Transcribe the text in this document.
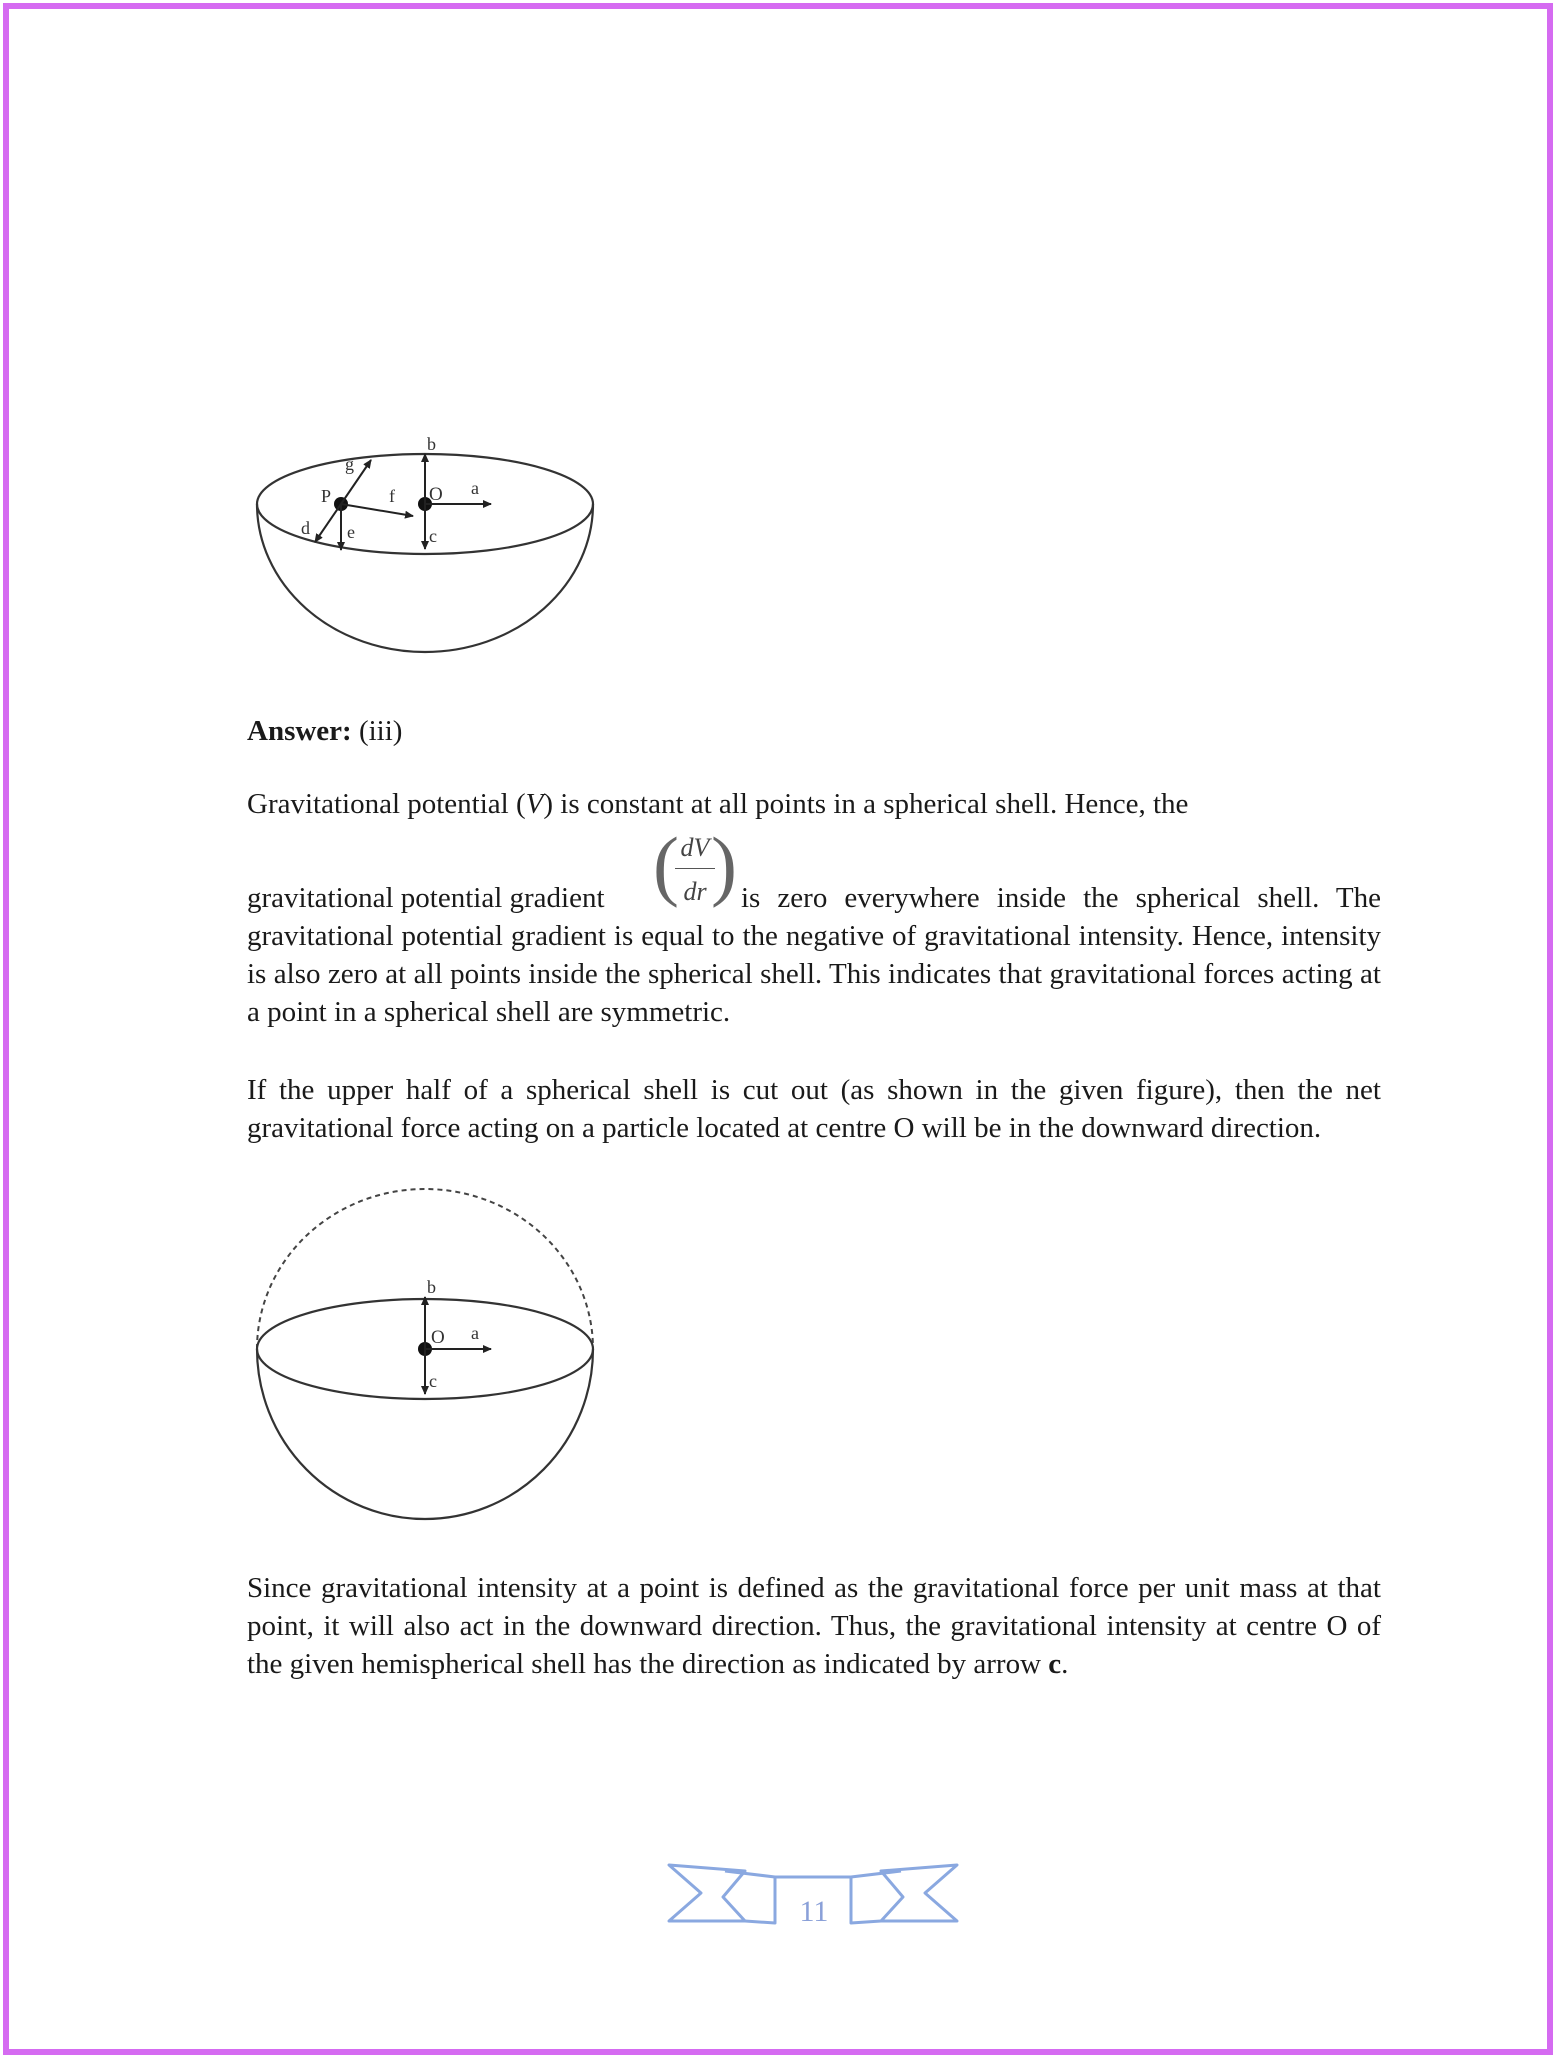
b
O a
c
P
g
f
d e
Answer: (iii)
Gravitational potential (V) is constant at all points in a spherical shell. Hence, the
gravitational potential gradient ( dV
dr ) is zero everywhere inside the spherical shell. The
gravitational potential gradient is equal to the negative of gravitational intensity. Hence, intensity is also zero at all points inside the spherical shell. This indicates that gravitational forces acting at a point in a spherical shell are symmetric.

If the upper half of a spherical shell is cut out (as shown in the given figure), then the net gravitational force acting on a particle located at centre O will be in the downward direction.

b
O a
c

Since gravitational intensity at a point is defined as the gravitational force per unit mass at that point, it will also act in the downward direction. Thus, the gravitational intensity at centre O of the given hemispherical shell has the direction as indicated by arrow c.

11
